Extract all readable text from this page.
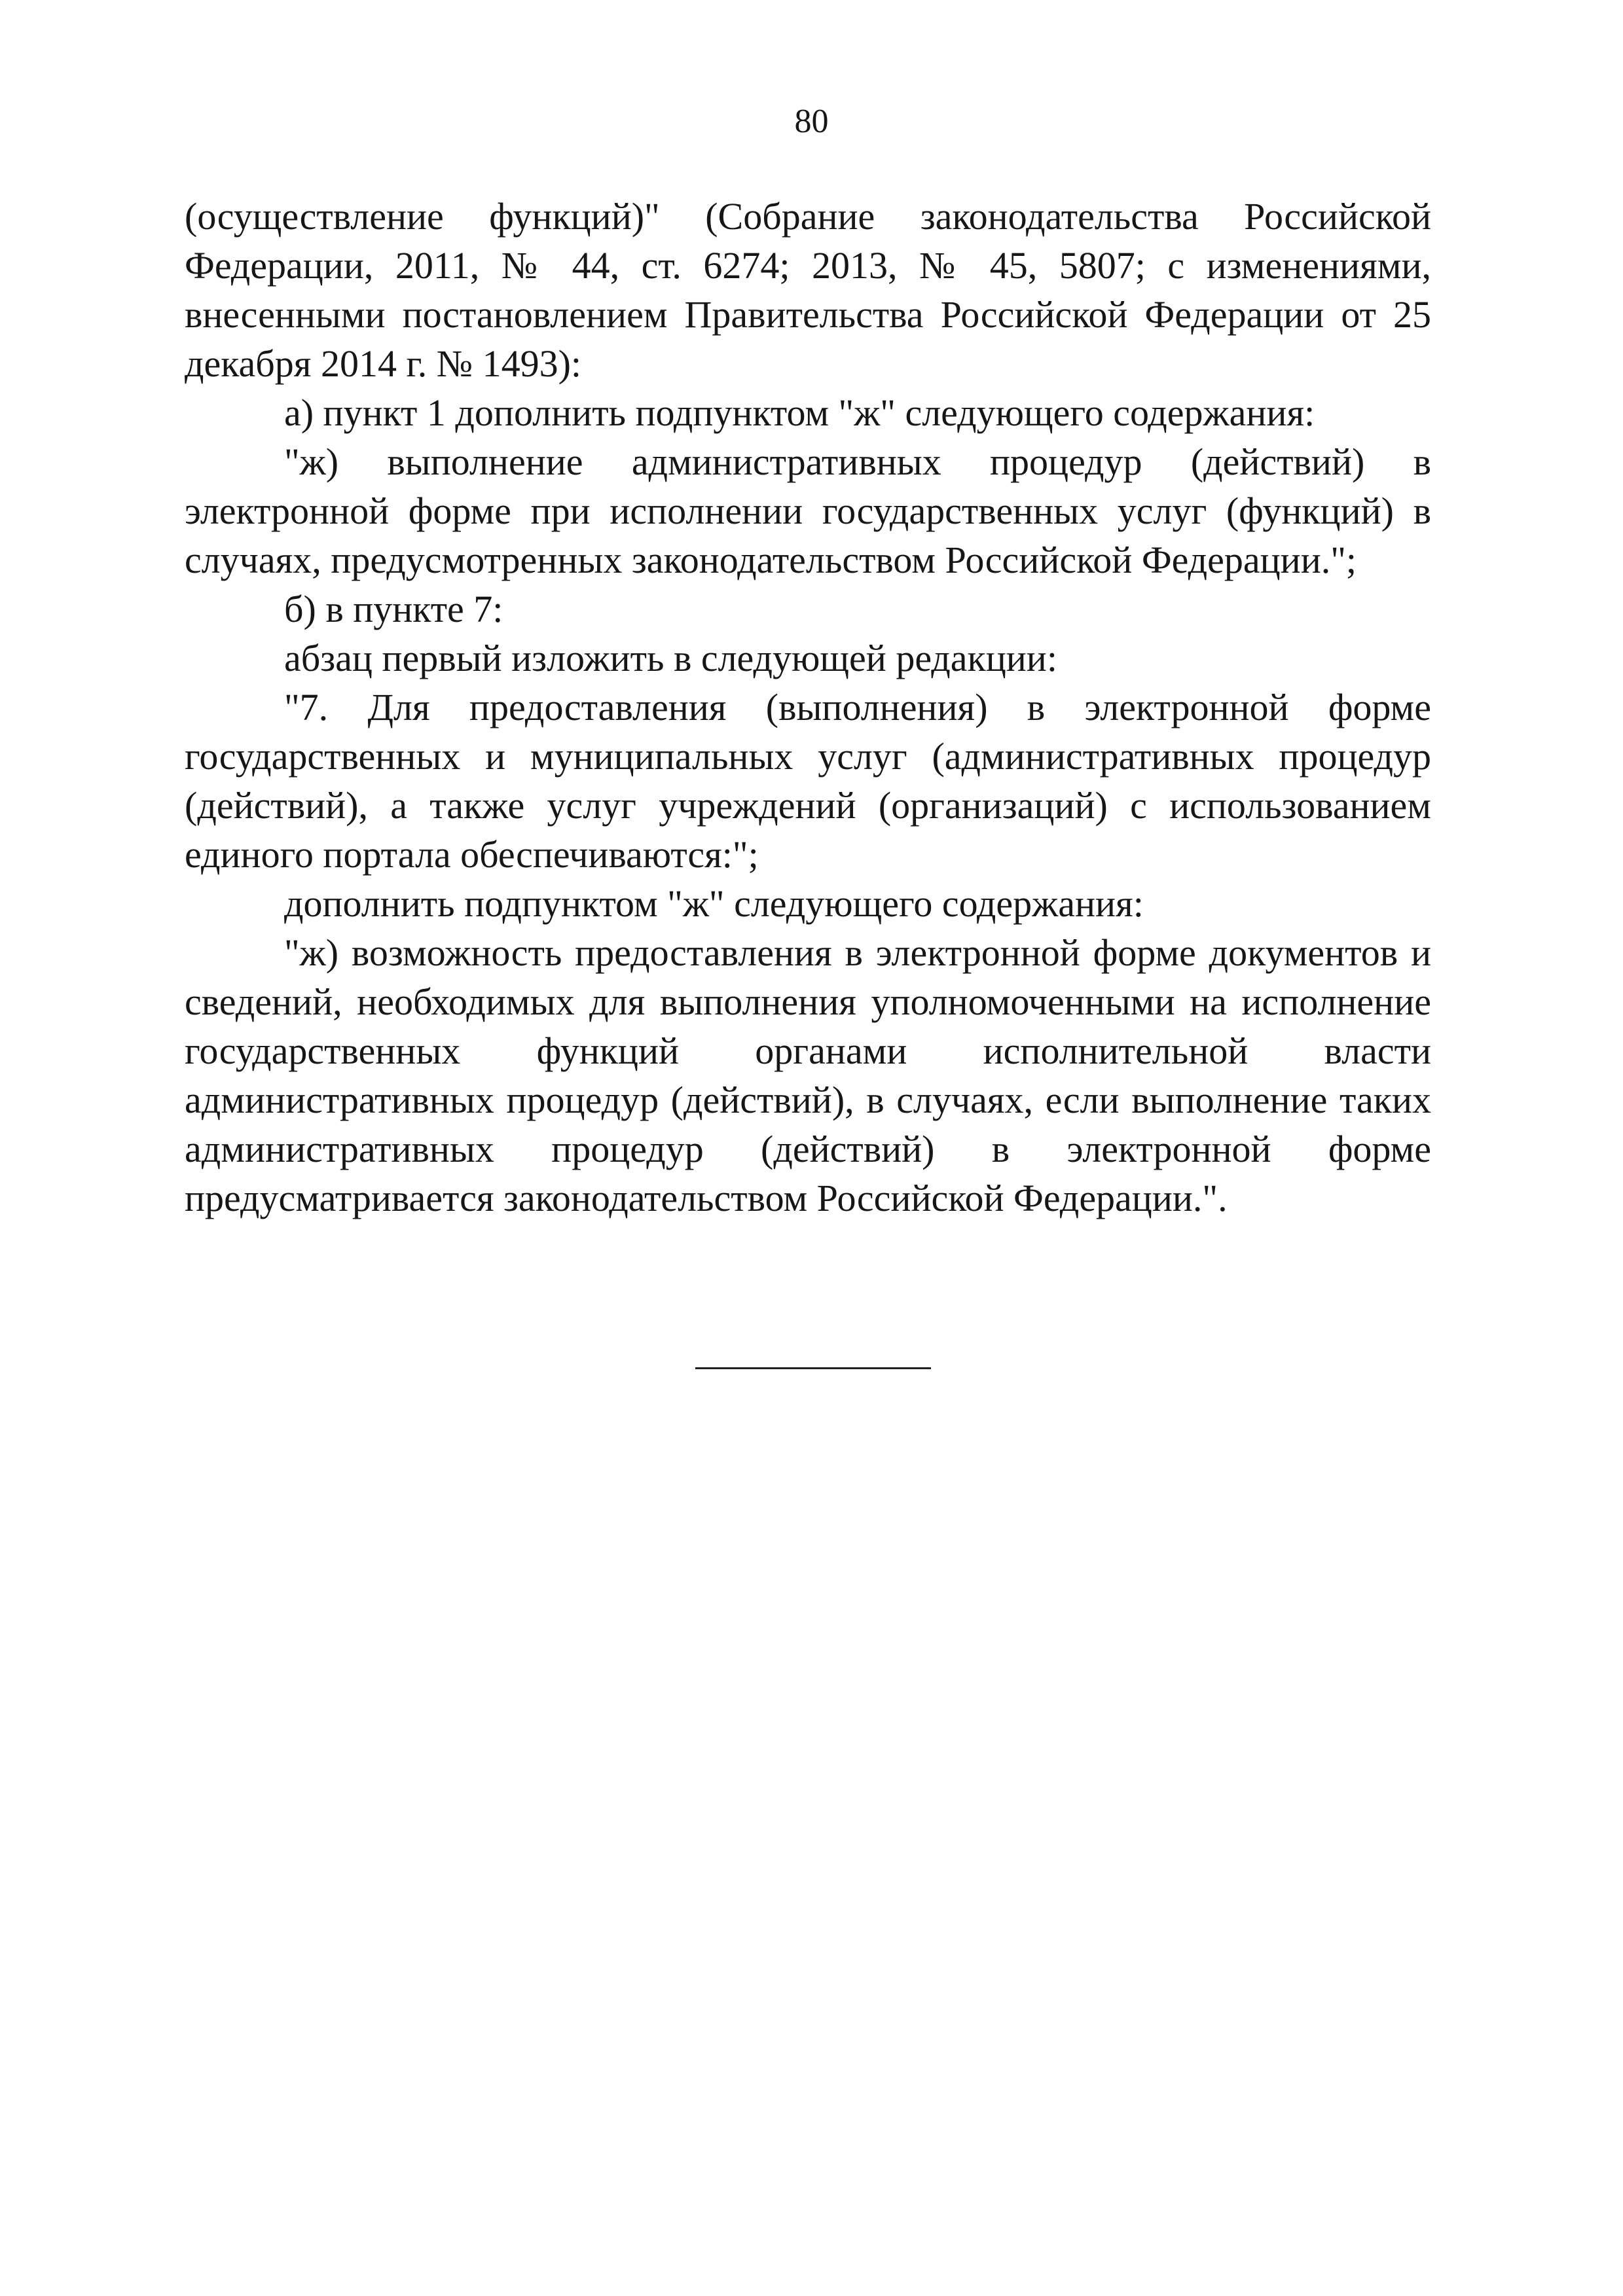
80

(осуществление функций)" (Собрание законодательства Российской Федерации, 2011, № 44, ст. 6274; 2013, № 45, 5807; с изменениями, внесенными постановлением Правительства Российской Федерации от 25 декабря 2014 г. № 1493):

а) пункт 1 дополнить подпунктом "ж" следующего содержания:

"ж) выполнение административных процедур (действий) в электронной форме при исполнении государственных услуг (функций) в случаях, предусмотренных законодательством Российской Федерации.";

б) в пункте 7:

абзац первый изложить в следующей редакции:

"7. Для предоставления (выполнения) в электронной форме государственных и муниципальных услуг (административных процедур (действий), а также услуг учреждений (организаций) с использованием единого портала обеспечиваются:";

дополнить подпунктом "ж" следующего содержания:

"ж) возможность предоставления в электронной форме документов и сведений, необходимых для выполнения уполномоченными на исполнение государственных функций органами исполнительной власти административных процедур (действий), в случаях, если выполнение таких административных процедур (действий) в электронной форме предусматривается законодательством Российской Федерации.".
